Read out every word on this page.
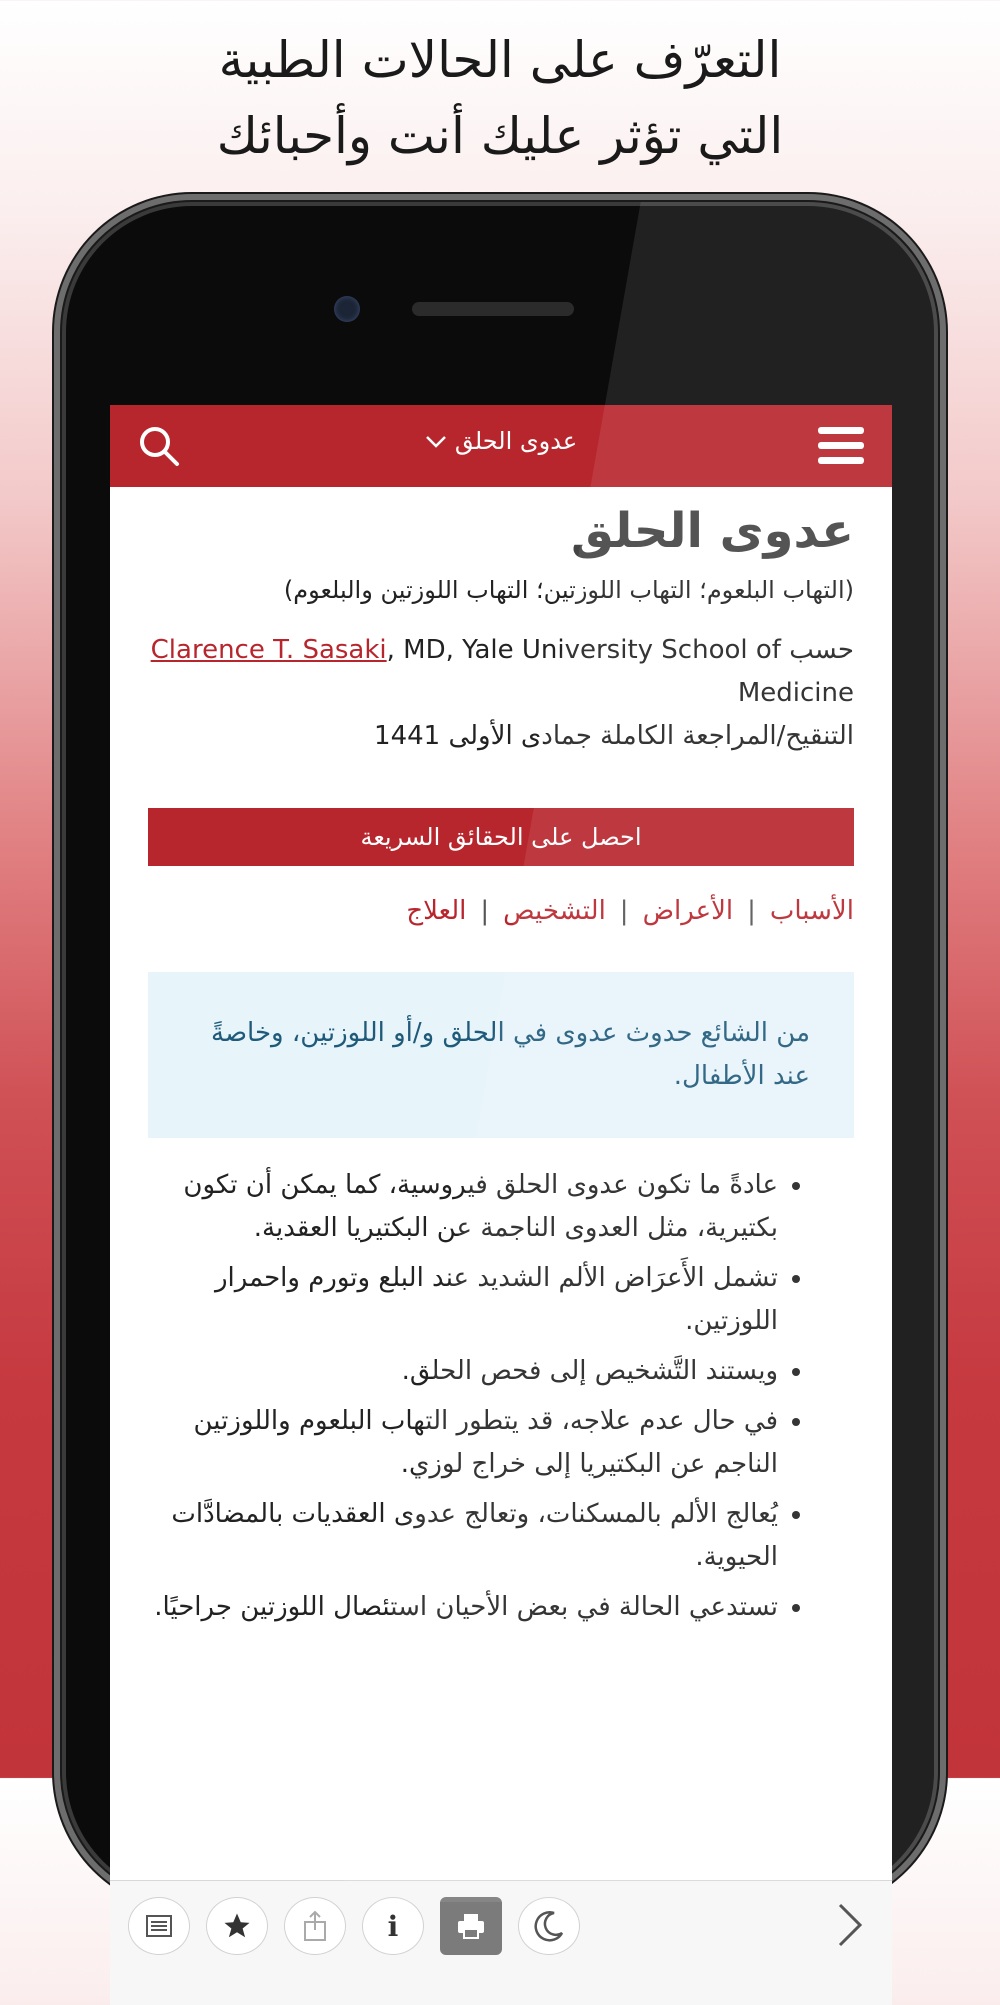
التعرّف على الحالات الطبية
التي تؤثر عليك أنت وأحبائك
عدوى الحلق
عدوى الحلق
(التهاب البلعوم؛ التهاب اللوزتين؛ التهاب اللوزتين والبلعوم)
حسب Clarence T. Sasaki, MD, Yale University School of Medicine
التنقيح/المراجعة الكاملة جمادى الأولى 1441
احصل على الحقائق السريعة
الأسباب|الأعراض|التشخيص|العلاج
من الشائع حدوث عدوى في الحلق و/أو اللوزتين، وخاصةً عند الأطفال.
• عادةً ما تكون عدوى الحلق فيروسية، كما يمكن أن تكون بكتيرية، مثل العدوى الناجمة عن البكتيريا العقدية.
• تشمل الأَعرَاض الألم الشديد عند البلع وتورم واحمرار اللوزتين.
• ويستند التَّشخيص إلى فحص الحلق.
• في حال عدم علاجه، قد يتطور التهاب البلعوم واللوزتين الناجم عن البكتيريا إلى خراج لوزي.
• يُعالج الألم بالمسكنات، وتعالج عدوى العقديات بالمضادَّات الحيوية.
• تستدعي الحالة في بعض الأحيان استئصال اللوزتين جراحيًا.
i
